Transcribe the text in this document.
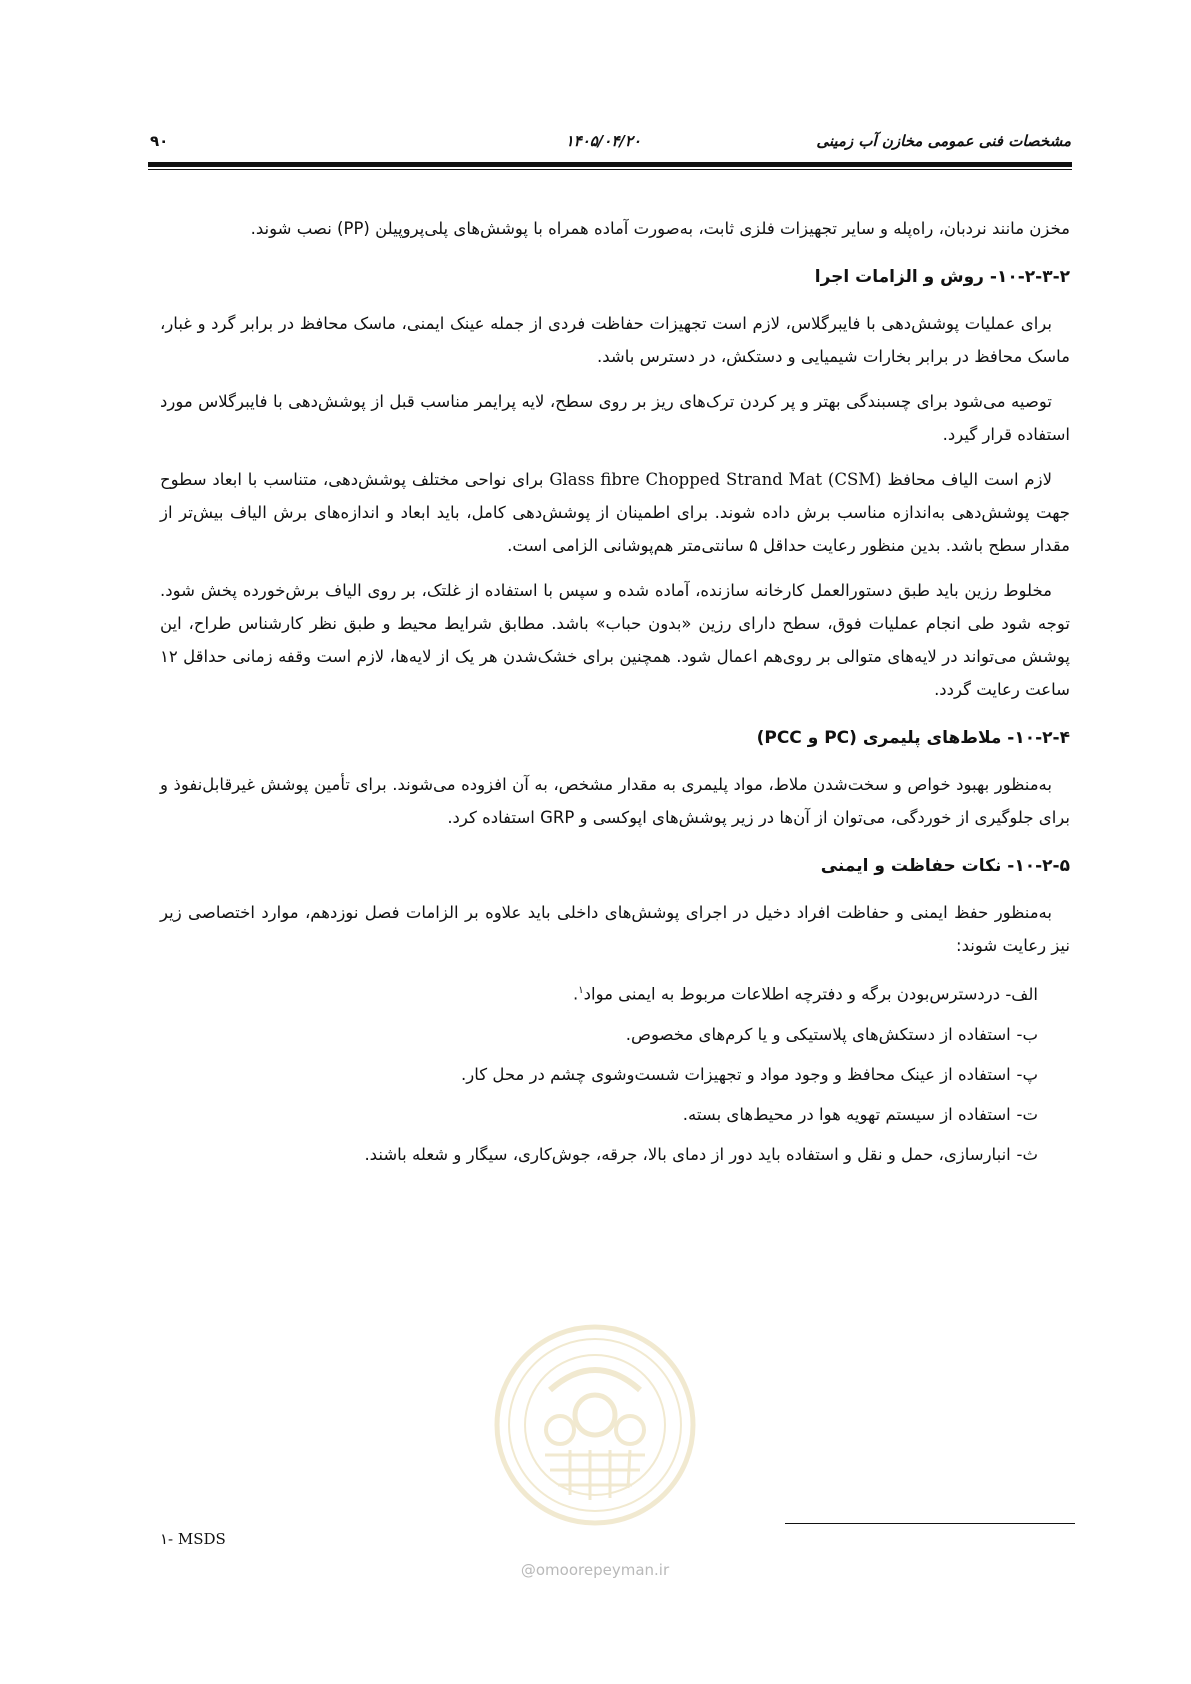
مشخصات فنی عمومی مخازن آب زمینی
۱۴۰۵/۰۴/۲۰
۹۰

مخزن مانند نردبان، راه‌پله و سایر تجهیزات فلزی ثابت، به‌صورت آماده همراه با پوشش‌های پلی‌پروپیلن (PP) نصب شوند.

۱۰-۲-۳-۲- روش و الزامات اجرا

برای عملیات پوشش‌دهی با فایبرگلاس، لازم است تجهیزات حفاظت فردی از جمله عینک ایمنی، ماسک محافظ در برابر گرد و غبار، ماسک محافظ در برابر بخارات شیمیایی و دستکش، در دسترس باشد.

توصیه می‌شود برای چسبندگی بهتر و پر کردن ترک‌های ریز بر روی سطح، لایه پرایمر مناسب قبل از پوشش‌دهی با فایبرگلاس مورد استفاده قرار گیرد.

لازم است الیاف محافظ Glass fibre Chopped Strand Mat (CSM) برای نواحی مختلف پوشش‌دهی، متناسب با ابعاد سطوح جهت پوشش‌دهی به‌اندازه مناسب برش داده شوند. برای اطمینان از پوشش‌دهی کامل، باید ابعاد و اندازه‌های برش الیاف بیش‌تر از مقدار سطح باشد. بدین منظور رعایت حداقل ۵ سانتی‌متر هم‌پوشانی الزامی است.

مخلوط رزین باید طبق دستورالعمل کارخانه سازنده، آماده شده و سپس با استفاده از غلتک، بر روی الیاف برش‌خورده پخش شود. توجه شود طی انجام عملیات فوق، سطح دارای رزین «بدون حباب» باشد. مطابق شرایط محیط و طبق نظر کارشناس طراح، این پوشش می‌تواند در لایه‌های متوالی بر روی‌هم اعمال شود. همچنین برای خشک‌شدن هر یک از لایه‌ها، لازم است وقفه زمانی حداقل ۱۲ ساعت رعایت گردد.

۱۰-۲-۴- ملاط‌های پلیمری (PC و PCC)

به‌منظور بهبود خواص و سخت‌شدن ملاط، مواد پلیمری به مقدار مشخص، به آن افزوده می‌شوند. برای تأمین پوشش غیرقابل‌نفوذ و برای جلوگیری از خوردگی، می‌توان از آن‌ها در زیر پوشش‌های اپوکسی و GRP استفاده کرد.

۱۰-۲-۵- نکات حفاظت و ایمنی

به‌منظور حفظ ایمنی و حفاظت افراد دخیل در اجرای پوشش‌های داخلی باید علاوه بر الزامات فصل نوزدهم، موارد اختصاصی زیر نیز رعایت شوند:

الف- دردسترس‌بودن برگه و دفترچه اطلاعات مربوط به ایمنی مواد$^۱$.
ب- استفاده از دستکش‌های پلاستیکی و یا کرم‌های مخصوص.
پ- استفاده از عینک محافظ و وجود مواد و تجهیزات شست‌وشوی چشم در محل کار.
ت- استفاده از سیستم تهویه هوا در محیط‌های بسته.
ث- انبارسازی، حمل و نقل و استفاده باید دور از دمای بالا، جرقه، جوش‌کاری، سیگار و شعله باشند.
@omoorepeyman.ir
۱- MSDS
